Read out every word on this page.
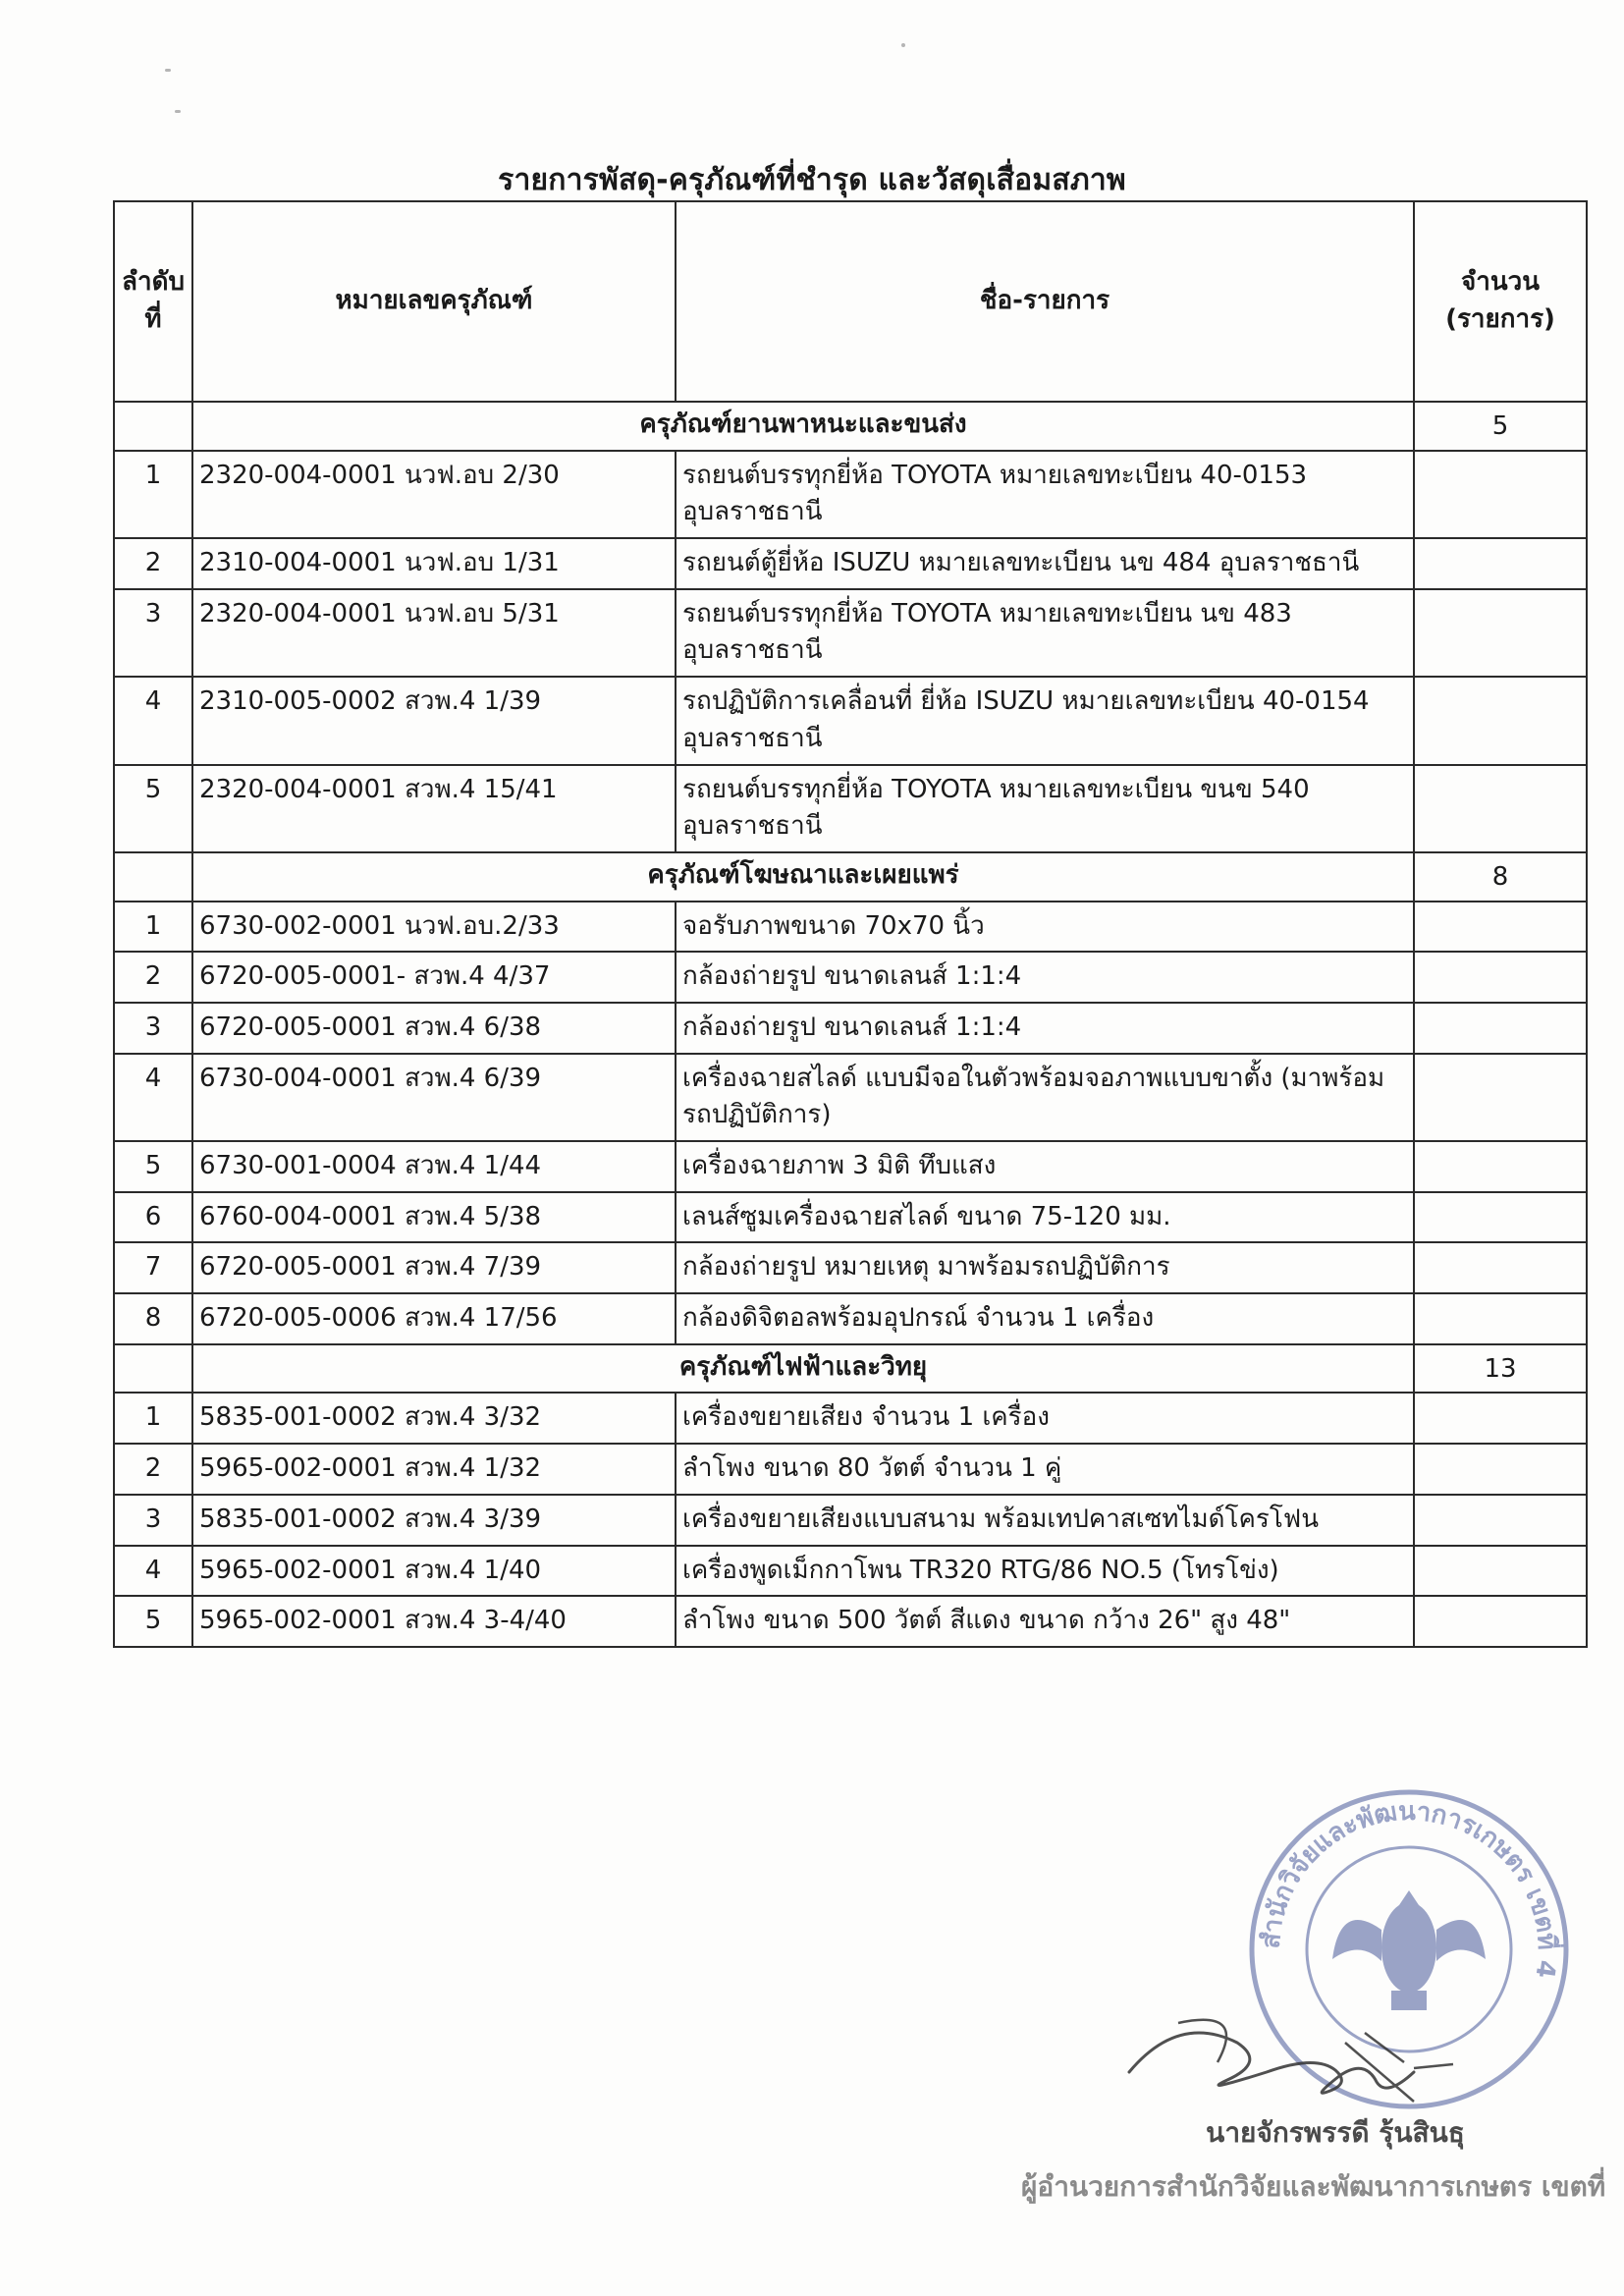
รายการพัสดุ-ครุภัณฑ์ที่ชำรุด และวัสดุเสื่อมสภาพ
ลำดับ ที่	หมายเลขครุภัณฑ์	ชื่อ-รายการ	จำนวน (รายการ)
	ครุภัณฑ์ยานพาหนะและขนส่ง		5
1	2320-004-0001 นวฟ.อบ 2/30	รถยนต์บรรทุกยี่ห้อ TOYOTA หมายเลขทะเบียน 40-0153 อุบลราชธานี	
2	2310-004-0001 นวฟ.อบ 1/31	รถยนต์ตู้ยี่ห้อ ISUZU หมายเลขทะเบียน นข 484 อุบลราชธานี	
3	2320-004-0001 นวฟ.อบ 5/31	รถยนต์บรรทุกยี่ห้อ TOYOTA หมายเลขทะเบียน นข 483 อุบลราชธานี	
4	2310-005-0002 สวพ.4 1/39	รถปฏิบัติการเคลื่อนที่ ยี่ห้อ ISUZU หมายเลขทะเบียน 40-0154 อุบลราชธานี	
5	2320-004-0001 สวพ.4 15/41	รถยนต์บรรทุกยี่ห้อ TOYOTA หมายเลขทะเบียน ขนข 540 อุบลราชธานี	
	ครุภัณฑ์โฆษณาและเผยแพร่		8
1	6730-002-0001 นวฟ.อบ.2/33	จอรับภาพขนาด 70x70 นิ้ว	
2	6720-005-0001- สวพ.4 4/37	กล้องถ่ายรูป ขนาดเลนส์ 1:1:4	
3	6720-005-0001 สวพ.4 6/38	กล้องถ่ายรูป ขนาดเลนส์ 1:1:4	
4	6730-004-0001 สวพ.4 6/39	เครื่องฉายสไลด์ แบบมีจอในตัวพร้อมจอภาพแบบขาตั้ง (มาพร้อมรถปฏิบัติการ)	
5	6730-001-0004 สวพ.4 1/44	เครื่องฉายภาพ 3 มิติ ทึบแสง	
6	6760-004-0001 สวพ.4 5/38	เลนส์ซูมเครื่องฉายสไลด์ ขนาด 75-120 มม.	
7	6720-005-0001 สวพ.4 7/39	กล้องถ่ายรูป หมายเหตุ มาพร้อมรถปฏิบัติการ	
8	6720-005-0006 สวพ.4 17/56	กล้องดิจิตอลพร้อมอุปกรณ์ จำนวน 1 เครื่อง	
	ครุภัณฑ์ไฟฟ้าและวิทยุ		13
1	5835-001-0002 สวพ.4 3/32	เครื่องขยายเสียง จำนวน 1 เครื่อง	
2	5965-002-0001 สวพ.4 1/32	ลำโพง ขนาด 80 วัตต์ จำนวน 1 คู่	
3	5835-001-0002 สวพ.4 3/39	เครื่องขยายเสียงแบบสนาม พร้อมเทปคาสเซทไมด์โครโฟน	
4	5965-002-0001 สวพ.4 1/40	เครื่องพูดเม็กกาโพน TR320 RTG/86 NO.5 (โทรโข่ง)	
5	5965-002-0001 สวพ.4 3-4/40	ลำโพง ขนาด 500 วัตต์ สีแดง ขนาด กว้าง 26" สูง 48"	
สำนักวิจัยและพัฒนาการเกษตร เขตที่ 4
นายจักรพรรดี รุ้นสินธุ
ผู้อำนวยการสำนักวิจัยและพัฒนาการเกษตร เขตที่
